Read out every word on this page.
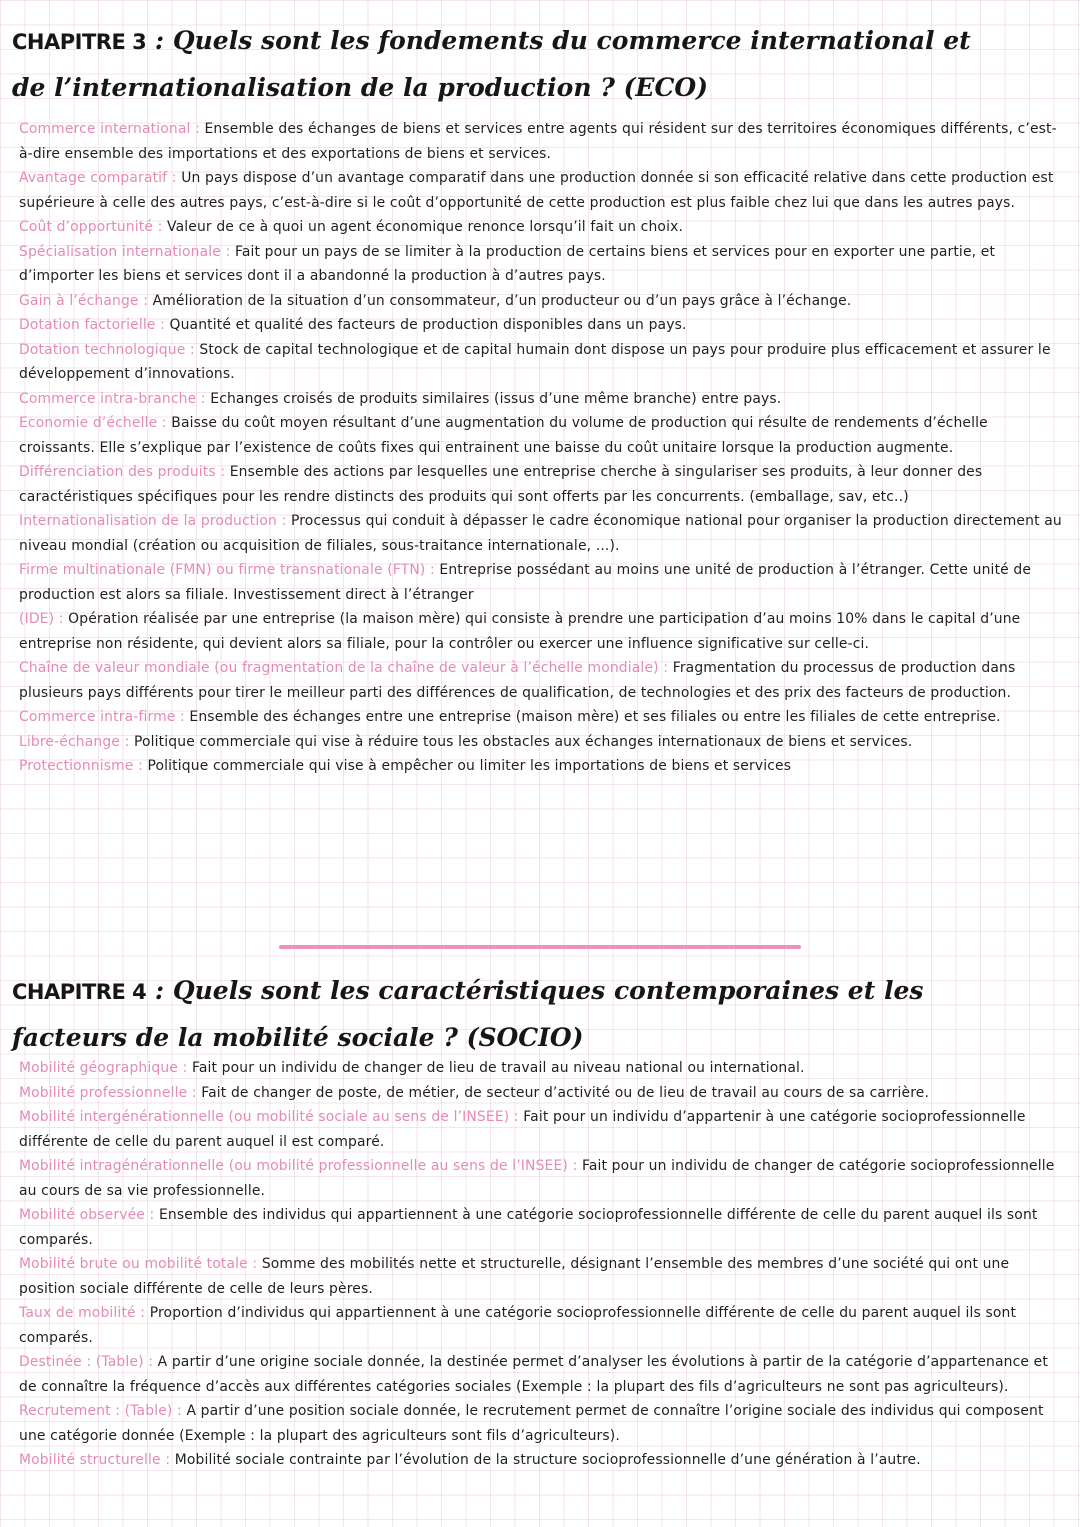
CHAPITRE 3 : Quels sont les fondements du commerce international et
de l’internationalisation de la production ? (ECO)
Commerce international : Ensemble des échanges de biens et services entre agents qui résident sur des territoires économiques différents, c’est-à-dire ensemble des importations et des exportations de biens et services.
Avantage comparatif : Un pays dispose d’un avantage comparatif dans une production donnée si son efficacité relative dans cette production est supérieure à celle des autres pays, c’est-à-dire si le coût d’opportunité de cette production est plus faible chez lui que dans les autres pays.
Coût d’opportunité : Valeur de ce à quoi un agent économique renonce lorsqu’il fait un choix.
Spécialisation internationale : Fait pour un pays de se limiter à la production de certains biens et services pour en exporter une partie, et d’importer les biens et services dont il a abandonné la production à d’autres pays.
Gain à l’échange : Amélioration de la situation d’un consommateur, d’un producteur ou d’un pays grâce à l’échange.
Dotation factorielle : Quantité et qualité des facteurs de production disponibles dans un pays.
Dotation technologique : Stock de capital technologique et de capital humain dont dispose un pays pour produire plus efficacement et assurer le développement d’innovations.
Commerce intra-branche : Echanges croisés de produits similaires (issus d’une même branche) entre pays.
Economie d’échelle : Baisse du coût moyen résultant d’une augmentation du volume de production qui résulte de rendements d’échelle croissants. Elle s’explique par l’existence de coûts fixes qui entrainent une baisse du coût unitaire lorsque la production augmente.
Différenciation des produits : Ensemble des actions par lesquelles une entreprise cherche à singulariser ses produits, à leur donner des caractéristiques spécifiques pour les rendre distincts des produits qui sont offerts par les concurrents. (emballage, sav, etc..)
Internationalisation de la production : Processus qui conduit à dépasser le cadre économique national pour organiser la production directement au niveau mondial (création ou acquisition de filiales, sous-traitance internationale, ...).
Firme multinationale (FMN) ou firme transnationale (FTN) : Entreprise possédant au moins une unité de production à l’étranger. Cette unité de production est alors sa filiale. Investissement direct à l’étranger
(IDE) : Opération réalisée par une entreprise (la maison mère) qui consiste à prendre une participation d’au moins 10% dans le capital d’une entreprise non résidente, qui devient alors sa filiale, pour la contrôler ou exercer une influence significative sur celle-ci.
Chaîne de valeur mondiale (ou fragmentation de la chaîne de valeur à l’échelle mondiale) : Fragmentation du processus de production dans plusieurs pays différents pour tirer le meilleur parti des différences de qualification, de technologies et des prix des facteurs de production.
Commerce intra-firme : Ensemble des échanges entre une entreprise (maison mère) et ses filiales ou entre les filiales de cette entreprise.
Libre-échange : Politique commerciale qui vise à réduire tous les obstacles aux échanges internationaux de biens et services.
Protectionnisme : Politique commerciale qui vise à empêcher ou limiter les importations de biens et services
CHAPITRE 4 : Quels sont les caractéristiques contemporaines et les
facteurs de la mobilité sociale ? (SOCIO)
Mobilité géographique : Fait pour un individu de changer de lieu de travail au niveau national ou international.
Mobilité professionnelle : Fait de changer de poste, de métier, de secteur d’activité ou de lieu de travail au cours de sa carrière.
Mobilité intergénérationnelle (ou mobilité sociale au sens de l’INSEE) : Fait pour un individu d’appartenir à une catégorie socioprofessionnelle différente de celle du parent auquel il est comparé.
Mobilité intragénérationnelle (ou mobilité professionnelle au sens de l’INSEE) : Fait pour un individu de changer de catégorie socioprofessionnelle au cours de sa vie professionnelle.
Mobilité observée : Ensemble des individus qui appartiennent à une catégorie socioprofessionnelle différente de celle du parent auquel ils sont comparés.
Mobilité brute ou mobilité totale : Somme des mobilités nette et structurelle, désignant l’ensemble des membres d’une société qui ont une position sociale différente de celle de leurs pères.
Taux de mobilité : Proportion d’individus qui appartiennent à une catégorie socioprofessionnelle différente de celle du parent auquel ils sont comparés.
Destinée : (Table) : A partir d’une origine sociale donnée, la destinée permet d’analyser les évolutions à partir de la catégorie d’appartenance et de connaître la fréquence d’accès aux différentes catégories sociales (Exemple : la plupart des fils d’agriculteurs ne sont pas agriculteurs).
Recrutement : (Table) : A partir d’une position sociale donnée, le recrutement permet de connaître l’origine sociale des individus qui composent une catégorie donnée (Exemple : la plupart des agriculteurs sont fils d’agriculteurs).
Mobilité structurelle : Mobilité sociale contrainte par l’évolution de la structure socioprofessionnelle d’une génération à l’autre.
